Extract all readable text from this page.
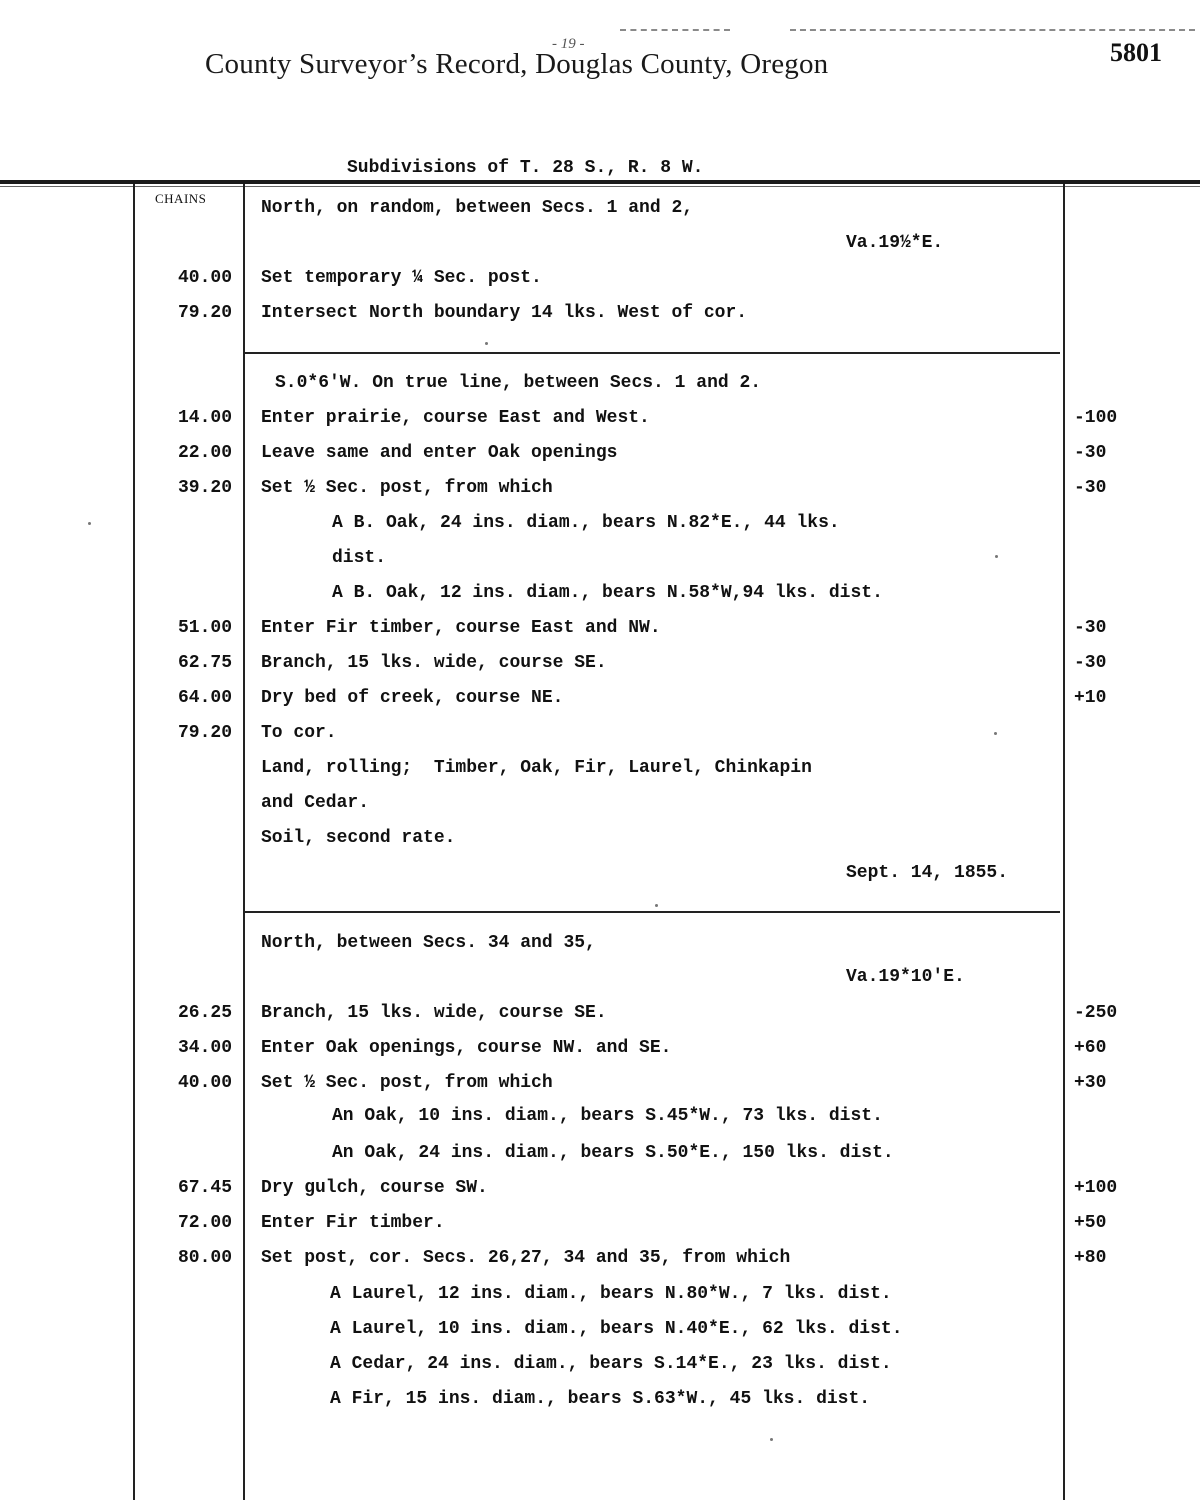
- 19 -
County Surveyor’s Record, Douglas County, Oregon	5801
Subdivisions of T. 28 S., R. 8 W.
CHAINS	North, on random, between Secs. 1 and 2,
Va.19½*E.
40.00 Set temporary ¼ Sec. post.
79.20 Intersect North boundary 14 lks. West of cor.
S.0*6'W. On true line, between Secs. 1 and 2.
14.00 Enter prairie, course East and West.	-100
22.00 Leave same and enter Oak openings	-30
39.20 Set ½ Sec. post, from which	-30
A B. Oak, 24 ins. diam., bears N.82*E., 44 lks.
dist.
A B. Oak, 12 ins. diam., bears N.58*W,94 lks. dist.
51.00 Enter Fir timber, course East and NW.	-30
62.75 Branch, 15 lks. wide, course SE.	-30
64.00 Dry bed of creek, course NE.	+10
79.20 To cor.
Land, rolling;  Timber, Oak, Fir, Laurel, Chinkapin
and Cedar.
Soil, second rate.
Sept. 14, 1855.
North, between Secs. 34 and 35,
Va.19*10'E.
26.25 Branch, 15 lks. wide, course SE.	-250
34.00 Enter Oak openings, course NW. and SE.	+60
40.00 Set ½ Sec. post, from which	+30
An Oak, 10 ins. diam., bears S.45*W., 73 lks. dist.
An Oak, 24 ins. diam., bears S.50*E., 150 lks. dist.
67.45 Dry gulch, course SW.	+100
72.00 Enter Fir timber.	+50
80.00 Set post, cor. Secs. 26,27, 34 and 35, from which	+80
A Laurel, 12 ins. diam., bears N.80*W., 7 lks. dist.
A Laurel, 10 ins. diam., bears N.40*E., 62 lks. dist.
A Cedar, 24 ins. diam., bears S.14*E., 23 lks. dist.
A Fir, 15 ins. diam., bears S.63*W., 45 lks. dist.
